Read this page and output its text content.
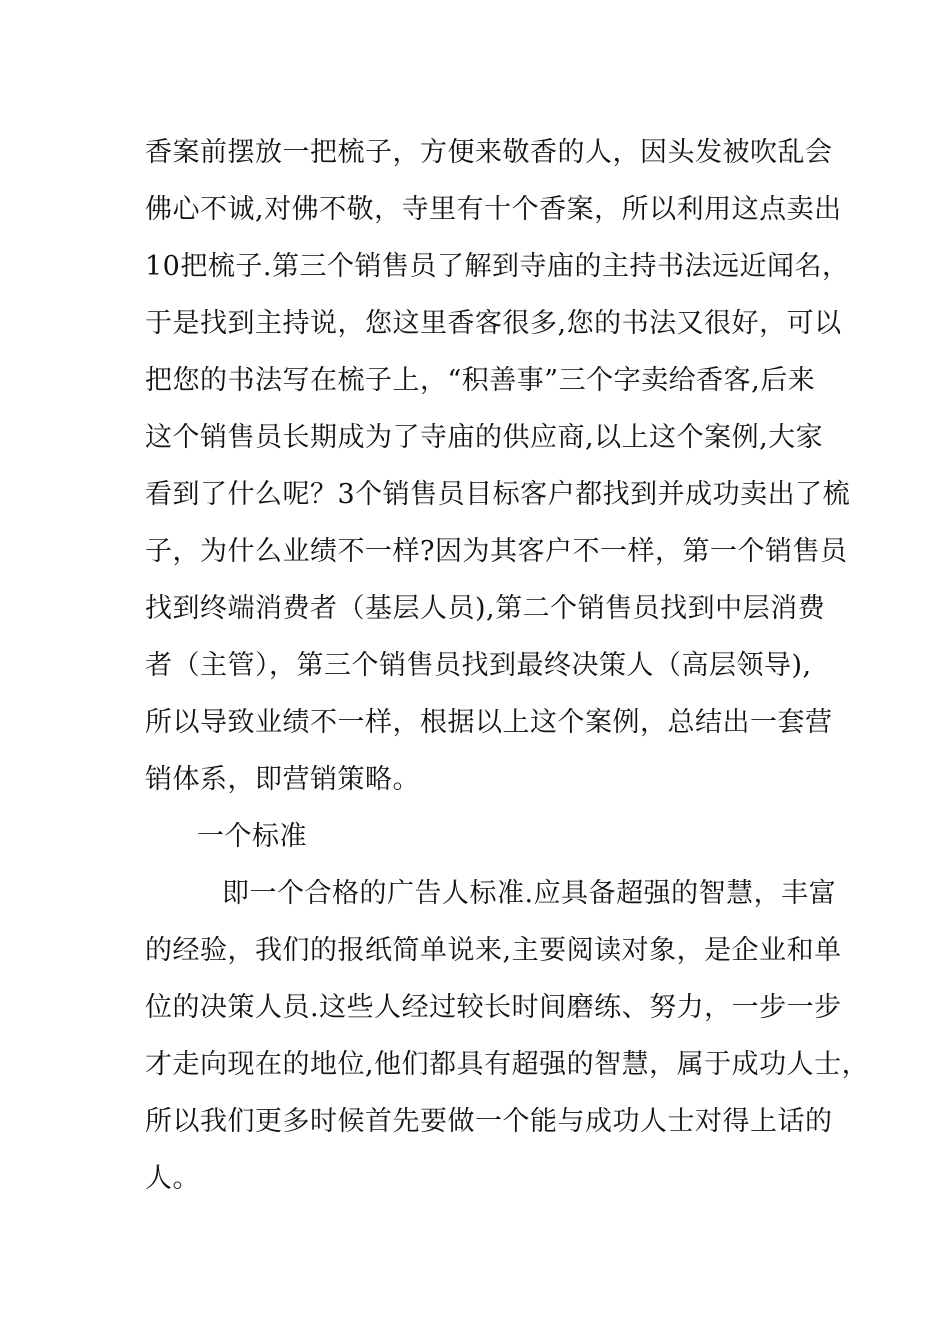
香案前摆放一把梳子，方便来敬香的人，因头发被吹乱会
佛心不诚,对佛不敬，寺里有十个香案，所以利用这点卖出
10把梳子.第三个销售员了解到寺庙的主持书法远近闻名，
于是找到主持说，您这里香客很多,您的书法又很好，可以
把您的书法写在梳子上，“积善事”三个字卖给香客,后来
这个销售员长期成为了寺庙的供应商,以上这个案例,大家
看到了什么呢？3个销售员目标客户都找到并成功卖出了梳
子，为什么业绩不一样?因为其客户不一样，第一个销售员
找到终端消费者（基层人员),第二个销售员找到中层消费
者（主管），第三个销售员找到最终决策人（高层领导),
所以导致业绩不一样，根据以上这个案例，总结出一套营
销体系，即营销策略。
一个标准
即一个合格的广告人标准.应具备超强的智慧，丰富
的经验，我们的报纸简单说来,主要阅读对象，是企业和单
位的决策人员.这些人经过较长时间磨练、努力，一步一步
才走向现在的地位,他们都具有超强的智慧，属于成功人士，
所以我们更多时候首先要做一个能与成功人士对得上话的
人。
